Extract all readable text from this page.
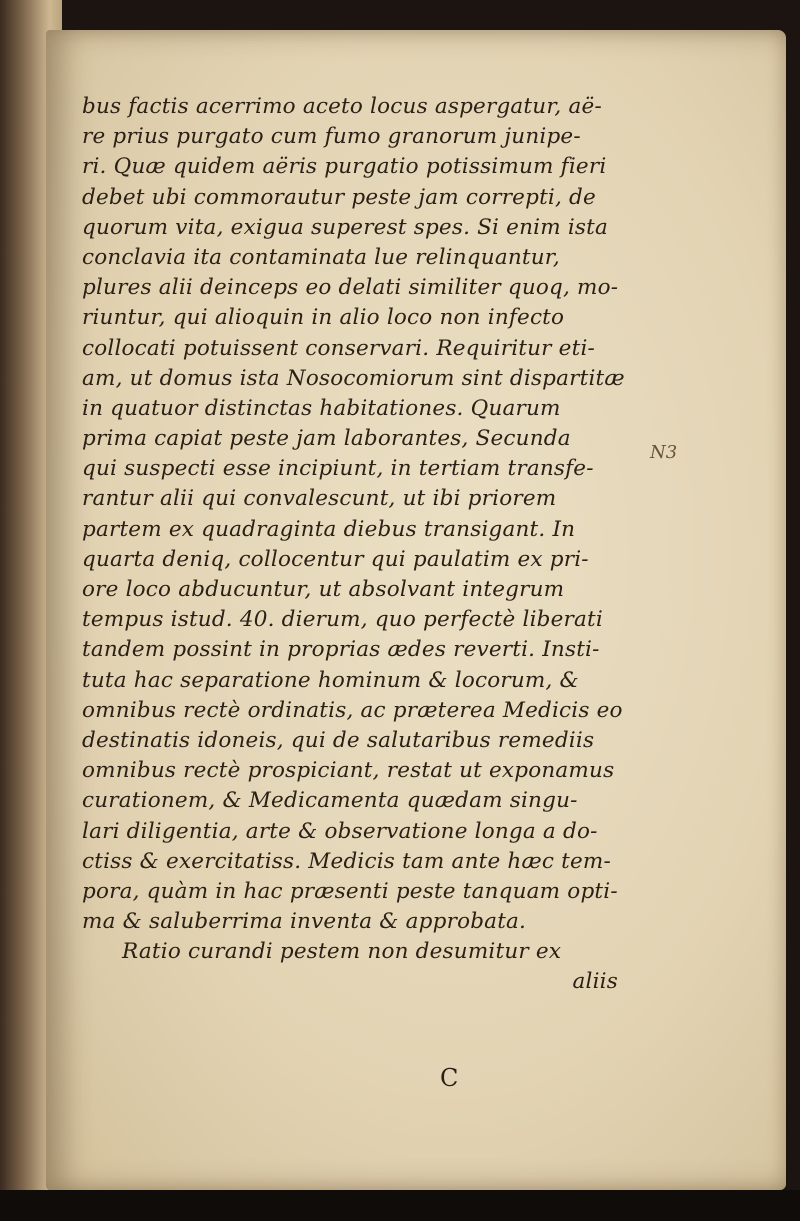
bus factis acerrimo aceto locus aspergatur, aë-
re prius purgato cum fumo granorum junipe-
ri. Quæ quidem aëris purgatio potissimum fieri
debet ubi commorautur peste jam correpti, de
quorum vita, exigua superest spes. Si enim ista
conclavia ita contaminata lue relinquantur,
plures alii deinceps eo delati similiter quoq, mo-
riuntur, qui alioquin in alio loco non infecto
collocati potuissent conservari. Requiritur eti-
am, ut domus ista Nosocomiorum sint dispartitæ
in quatuor distinctas habitationes. Quarum
prima capiat peste jam laborantes, Secunda
qui suspecti esse incipiunt, in tertiam transfe-
rantur alii qui convalescunt, ut ibi priorem
partem ex quadraginta diebus transigant. In
quarta deniq, collocentur qui paulatim ex pri-
ore loco abducuntur, ut absolvant integrum
tempus istud. 40. dierum, quo perfectè liberati
tandem possint in proprias ædes reverti. Insti-
tuta hac separatione hominum & locorum, &
omnibus rectè ordinatis, ac præterea Medicis eo
destinatis idoneis, qui de salutaribus remediis
omnibus rectè prospiciant, restat ut exponamus
curationem, & Medicamenta quædam singu-
lari diligentia, arte & observatione longa a do-
ctiss & exercitatiss. Medicis tam ante hæc tem-
pora, quàm in hac præsenti peste tanquam opti-
ma & saluberrima inventa & approbata.
Ratio curandi pestem non desumitur ex
aliis
C
N3
